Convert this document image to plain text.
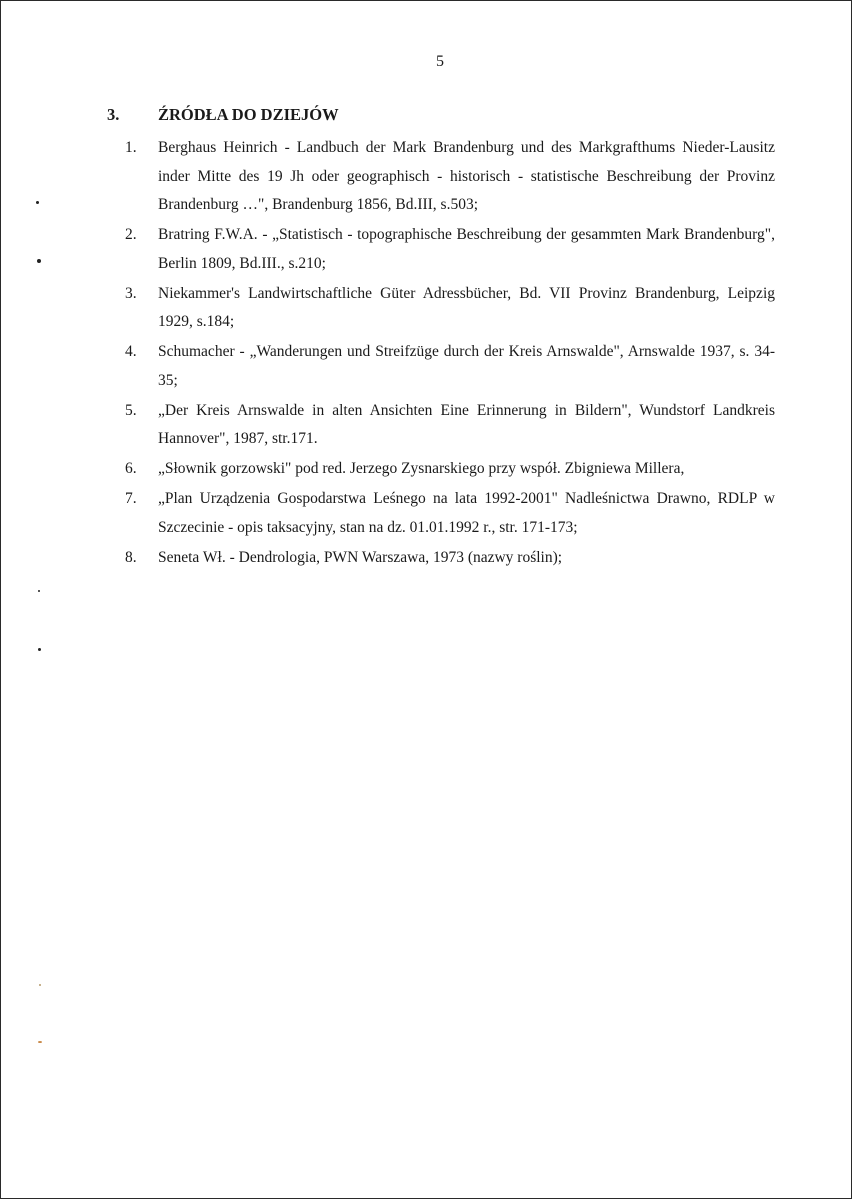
5
3. ŹRÓDŁA DO DZIEJÓW
1. Berghaus Heinrich - Landbuch der Mark Brandenburg und des Markgrafthums Nieder-Lausitz inder Mitte des 19 Jh oder geographisch - historisch - statistische Beschreibung der Provinz Brandenburg …", Brandenburg 1856, Bd.III, s.503;
2. Bratring F.W.A. - „Statistisch - topographische Beschreibung der gesammten Mark Brandenburg", Berlin 1809, Bd.III., s.210;
3. Niekammer's Landwirtschaftliche Güter Adressbücher, Bd. VII Provinz Brandenburg, Leipzig 1929, s.184;
4. Schumacher - „Wanderungen und Streifzüge durch der Kreis Arnswalde", Arnswalde 1937, s. 34-35;
5. „Der Kreis Arnswalde in alten Ansichten Eine Erinnerung in Bildern", Wundstorf Landkreis Hannover", 1987, str.171.
6. „Słownik gorzowski" pod red. Jerzego Zysnarskiego przy współ. Zbigniewa Millera,
7. „Plan Urządzenia Gospodarstwa Leśnego na lata 1992-2001" Nadleśnictwa Drawno, RDLP w Szczecinie - opis taksacyjny, stan na dz. 01.01.1992 r., str. 171-173;
8. Seneta Wł. - Dendrologia, PWN Warszawa, 1973 (nazwy roślin);
